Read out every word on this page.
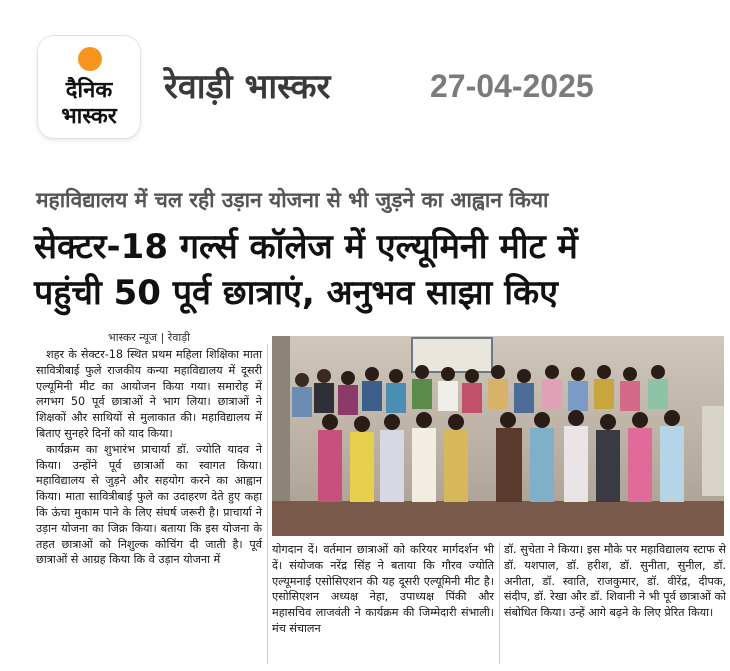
दैनिक
भास्कर
रेवाड़ी भास्कर	27-04-2025
महाविद्यालय में चल रही उड़ान योजना से भी जुड़ने का आह्वान किया
सेक्टर-18 गर्ल्स कॉलेज में एल्यूमिनी मीट में
पहुंची 50 पूर्व छात्राएं, अनुभव साझा किए
भास्कर न्यूज | रेवाड़ी

शहर के सेक्टर-18 स्थित प्रथम महिला शिक्षिका माता सावित्रीबाई फुले राजकीय कन्या महाविद्यालय में दूसरी एल्यूमिनी मीट का आयोजन किया गया। समारोह में लगभग 50 पूर्व छात्राओं ने भाग लिया। छात्राओं ने शिक्षकों और साथियों से मुलाकात की। महाविद्यालय में बिताए सुनहरे दिनों को याद किया।

कार्यक्रम का शुभारंभ प्राचार्या डॉ. ज्योति यादव ने किया। उन्होंने पूर्व छात्राओं का स्वागत किया। महाविद्यालय से जुड़ने और सहयोग करने का आह्वान किया। माता सावित्रीबाई फुले का उदाहरण देते हुए कहा कि ऊंचा मुकाम पाने के लिए संघर्ष जरूरी है। प्राचार्या ने उड़ान योजना का जिक्र किया। बताया कि इस योजना के तहत छात्राओं को निशुल्क कोचिंग दी जाती है। पूर्व छात्राओं से आग्रह किया कि वे उड़ान योजना में

योगदान दें। वर्तमान छात्राओं को करियर मार्गदर्शन भी दें। संयोजक नरेंद्र सिंह ने बताया कि गौरव ज्योति एल्यूमनाई एसोसिएशन की यह दूसरी एल्यूमिनी मीट है। एसोसिएशन अध्यक्ष नेहा, उपाध्यक्ष पिंकी और महासचिव लाजवंती ने कार्यक्रम की जिम्मेदारी संभाली। मंच संचालन

डॉ. सुचेता ने किया। इस मौके पर महाविद्यालय स्टाफ से डॉ. यशपाल, डॉ. हरीश, डॉ. सुनीता, सुनील, डॉ. अनीता, डॉ. स्वाति, राजकुमार, डॉ. वीरेंद्र, दीपक, संदीप, डॉ. रेखा और डॉ. शिवानी ने भी पूर्व छात्राओं को संबोधित किया। उन्हें आगे बढ़ने के लिए प्रेरित किया।
